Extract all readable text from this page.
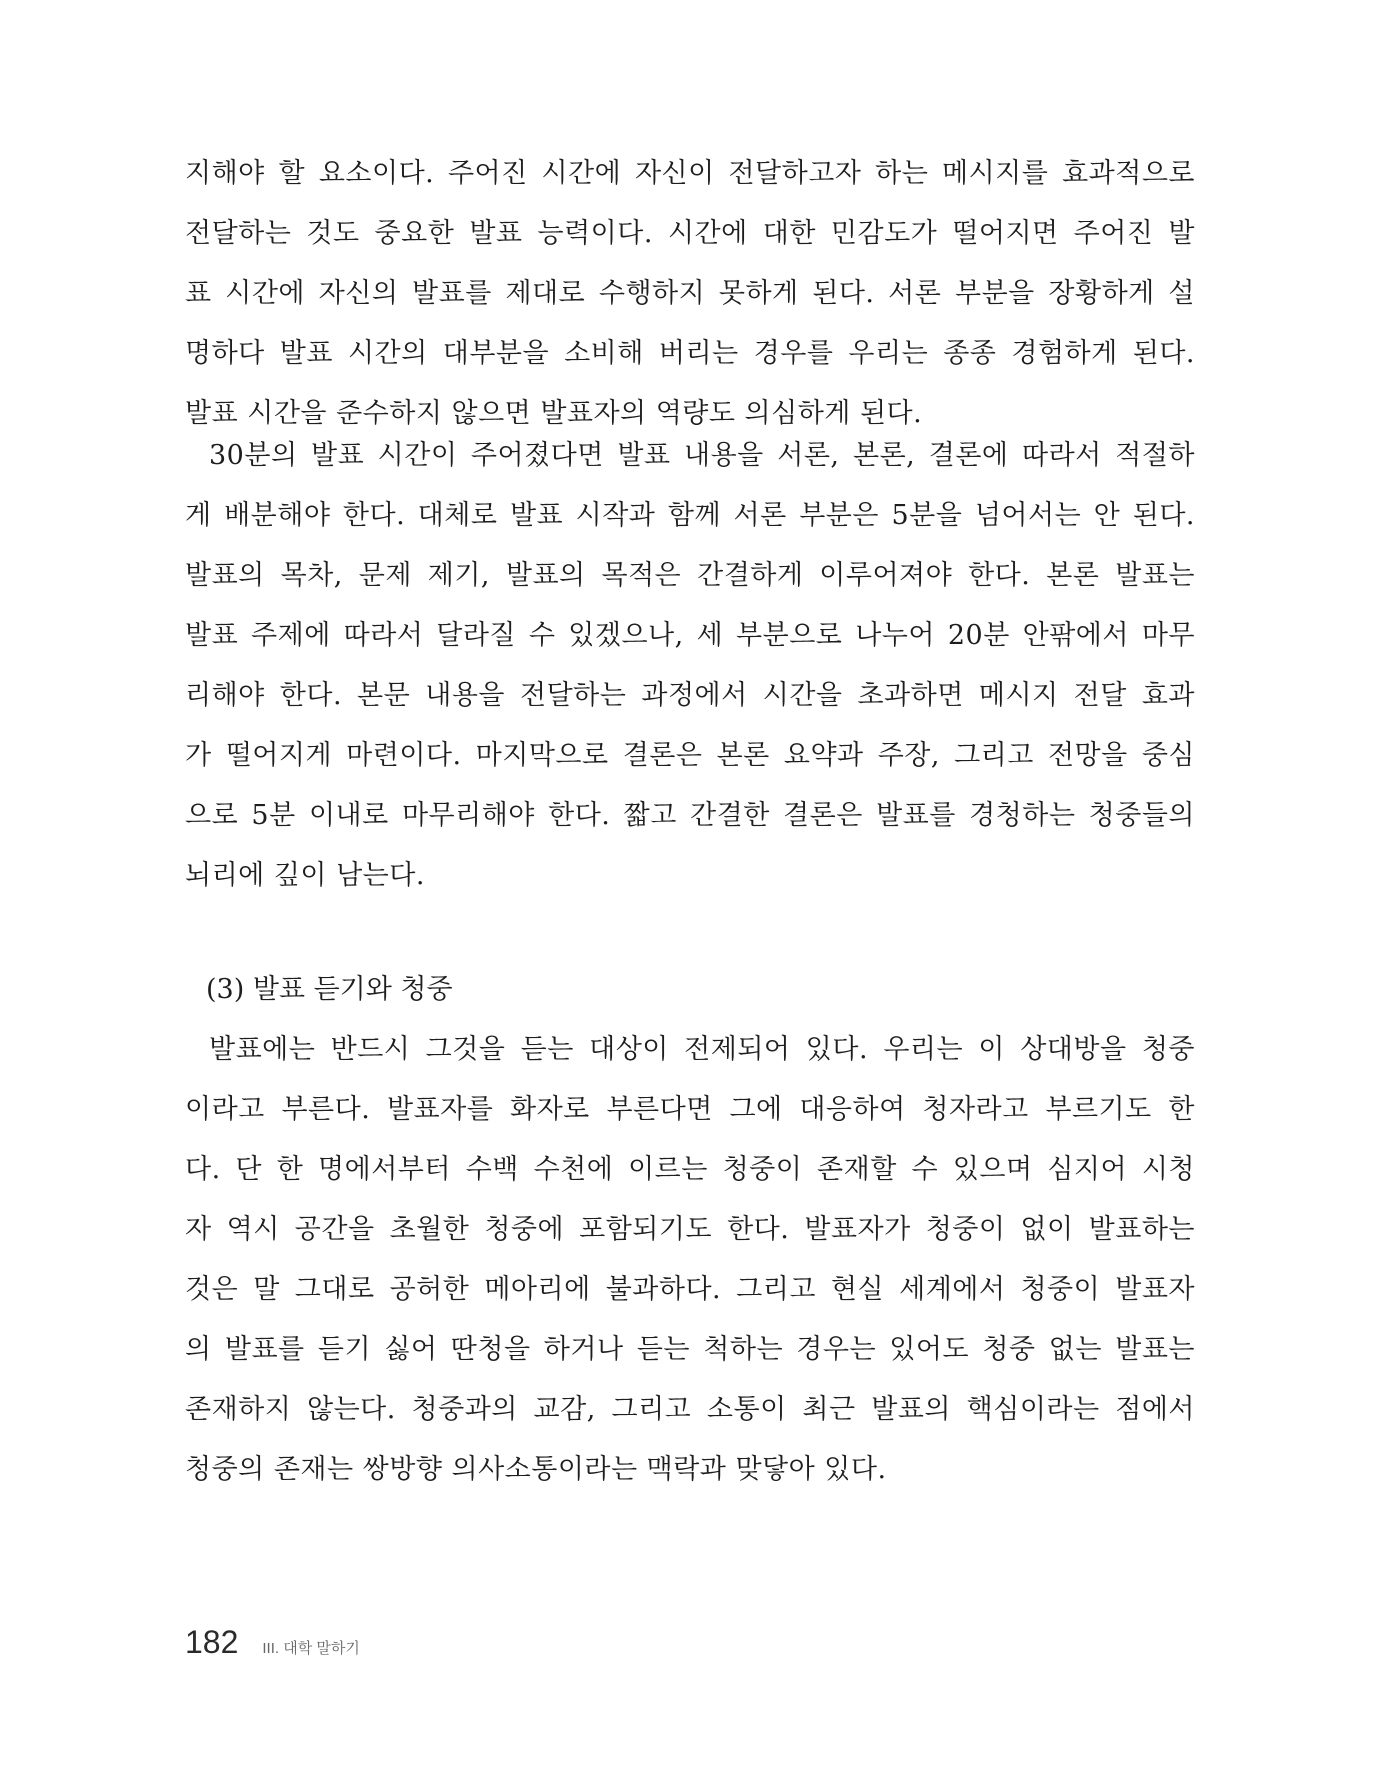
지해야 할 요소이다. 주어진 시간에 자신이 전달하고자 하는 메시지를 효과적으로
전달하는 것도 중요한 발표 능력이다. 시간에 대한 민감도가 떨어지면 주어진 발
표 시간에 자신의 발표를 제대로 수행하지 못하게 된다. 서론 부분을 장황하게 설
명하다 발표 시간의 대부분을 소비해 버리는 경우를 우리는 종종 경험하게 된다.
발표 시간을 준수하지 않으면 발표자의 역량도 의심하게 된다.
30분의 발표 시간이 주어졌다면 발표 내용을 서론, 본론, 결론에 따라서 적절하
게 배분해야 한다. 대체로 발표 시작과 함께 서론 부분은 5분을 넘어서는 안 된다.
발표의 목차, 문제 제기, 발표의 목적은 간결하게 이루어져야 한다. 본론 발표는
발표 주제에 따라서 달라질 수 있겠으나, 세 부분으로 나누어 20분 안팎에서 마무
리해야 한다. 본문 내용을 전달하는 과정에서 시간을 초과하면 메시지 전달 효과
가 떨어지게 마련이다. 마지막으로 결론은 본론 요약과 주장, 그리고 전망을 중심
으로 5분 이내로 마무리해야 한다. 짧고 간결한 결론은 발표를 경청하는 청중들의
뇌리에 깊이 남는다.
(3) 발표 듣기와 청중
발표에는 반드시 그것을 듣는 대상이 전제되어 있다. 우리는 이 상대방을 청중
이라고 부른다. 발표자를 화자로 부른다면 그에 대응하여 청자라고 부르기도 한
다. 단 한 명에서부터 수백 수천에 이르는 청중이 존재할 수 있으며 심지어 시청
자 역시 공간을 초월한 청중에 포함되기도 한다. 발표자가 청중이 없이 발표하는
것은 말 그대로 공허한 메아리에 불과하다. 그리고 현실 세계에서 청중이 발표자
의 발표를 듣기 싫어 딴청을 하거나 듣는 척하는 경우는 있어도 청중 없는 발표는
존재하지 않는다. 청중과의 교감, 그리고 소통이 최근 발표의 핵심이라는 점에서
청중의 존재는 쌍방향 의사소통이라는 맥락과 맞닿아 있다.
182 III. 대학 말하기
